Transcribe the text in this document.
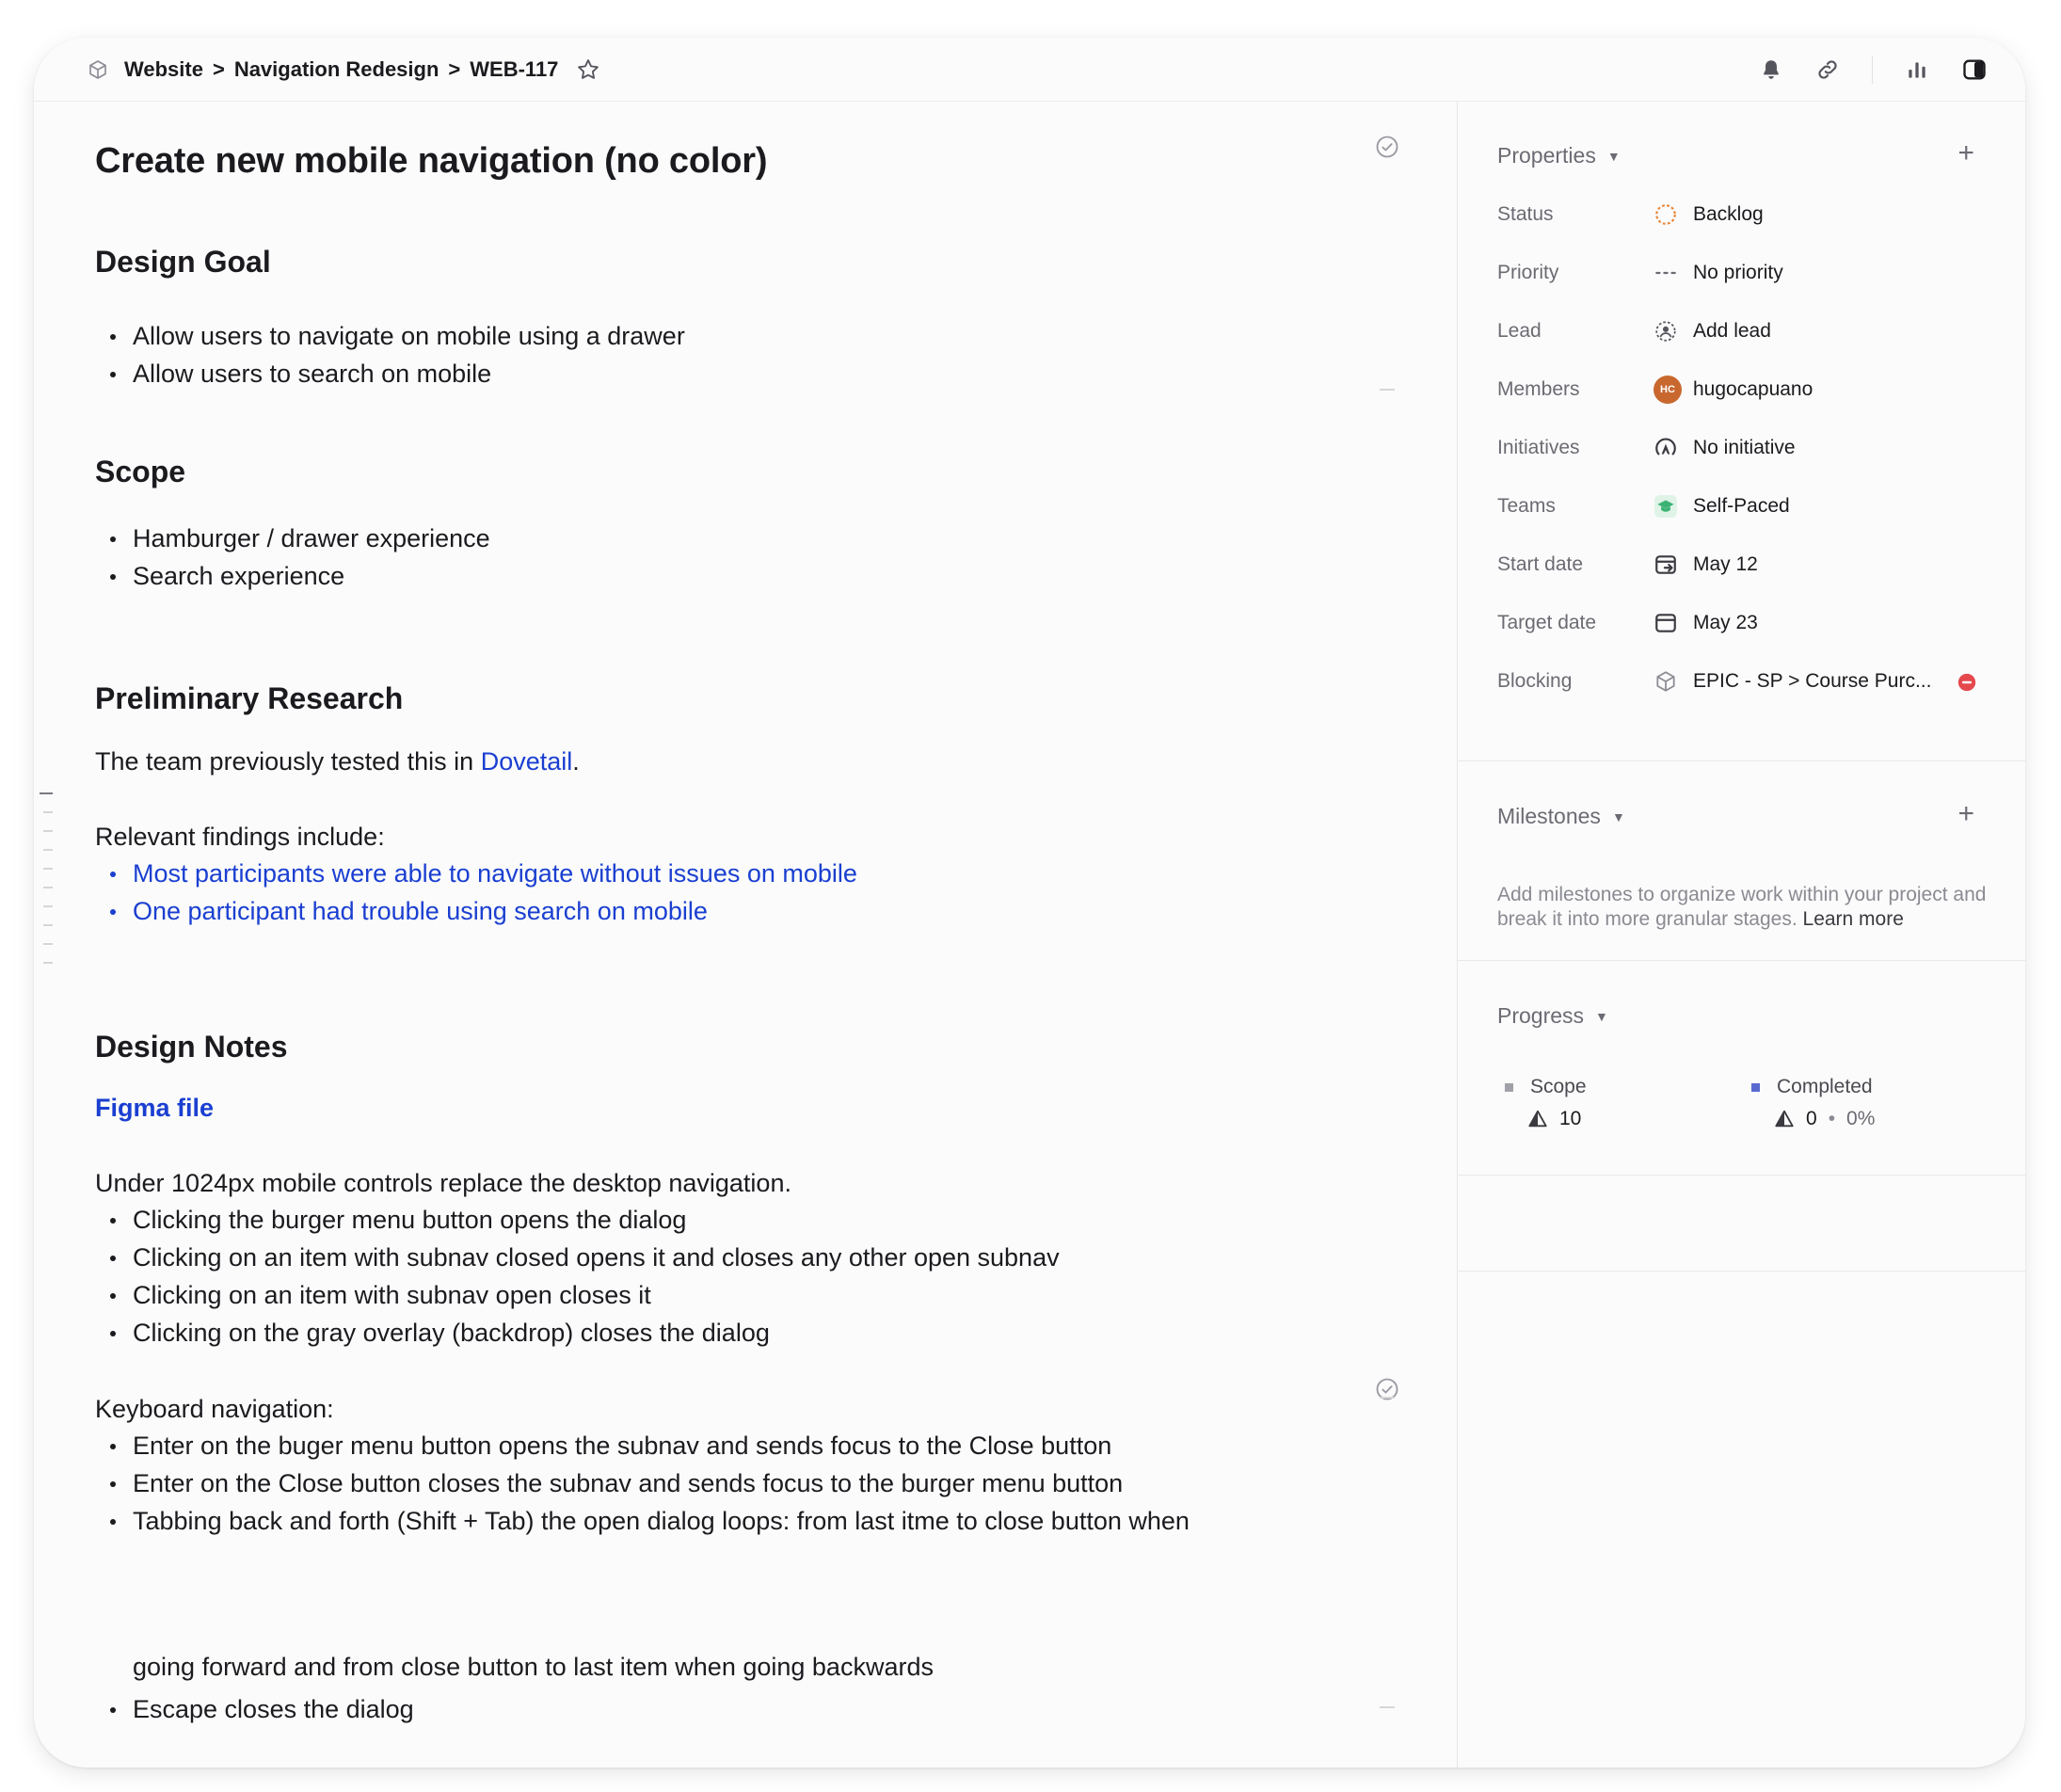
Website > Navigation Redesign > WEB-117
Create new mobile navigation (no color)
Design Goal
Allow users to navigate on mobile using a drawer
Allow users to search on mobile
Scope
Hamburger / drawer experience
Search experience
Preliminary Research
The team previously tested this in Dovetail.
Relevant findings include:
Most participants were able to navigate without issues on mobile
One participant had trouble using search on mobile
Design Notes
Figma file
Under 1024px mobile controls replace the desktop navigation.
Clicking the burger menu button opens the dialog
Clicking on an item with subnav closed opens it and closes any other open subnav
Clicking on an item with subnav open closes it
Clicking on the gray overlay (backdrop) closes the dialog
Keyboard navigation:
Enter on the buger menu button opens the subnav and sends focus to the Close button
Enter on the Close button closes the subnav and sends focus to the burger menu button
Tabbing back and forth (Shift + Tab) the open dialog loops: from last itme to close button when
going forward and from close button to last item when going backwards
Escape closes the dialog
Properties ▼	+
Status	Backlog
Priority	No priority
Lead	Add lead
Members	HC hugocapuano
Initiatives	No initiative
Teams	Self-Paced
Start date	May 12
Target date	May 23
Blocking	EPIC - SP > Course Purc...
Milestones ▼	+
Add milestones to organize work within your project and break it into more granular stages. Learn more
Progress ▼
Scope
10
Completed
0 • 0%
